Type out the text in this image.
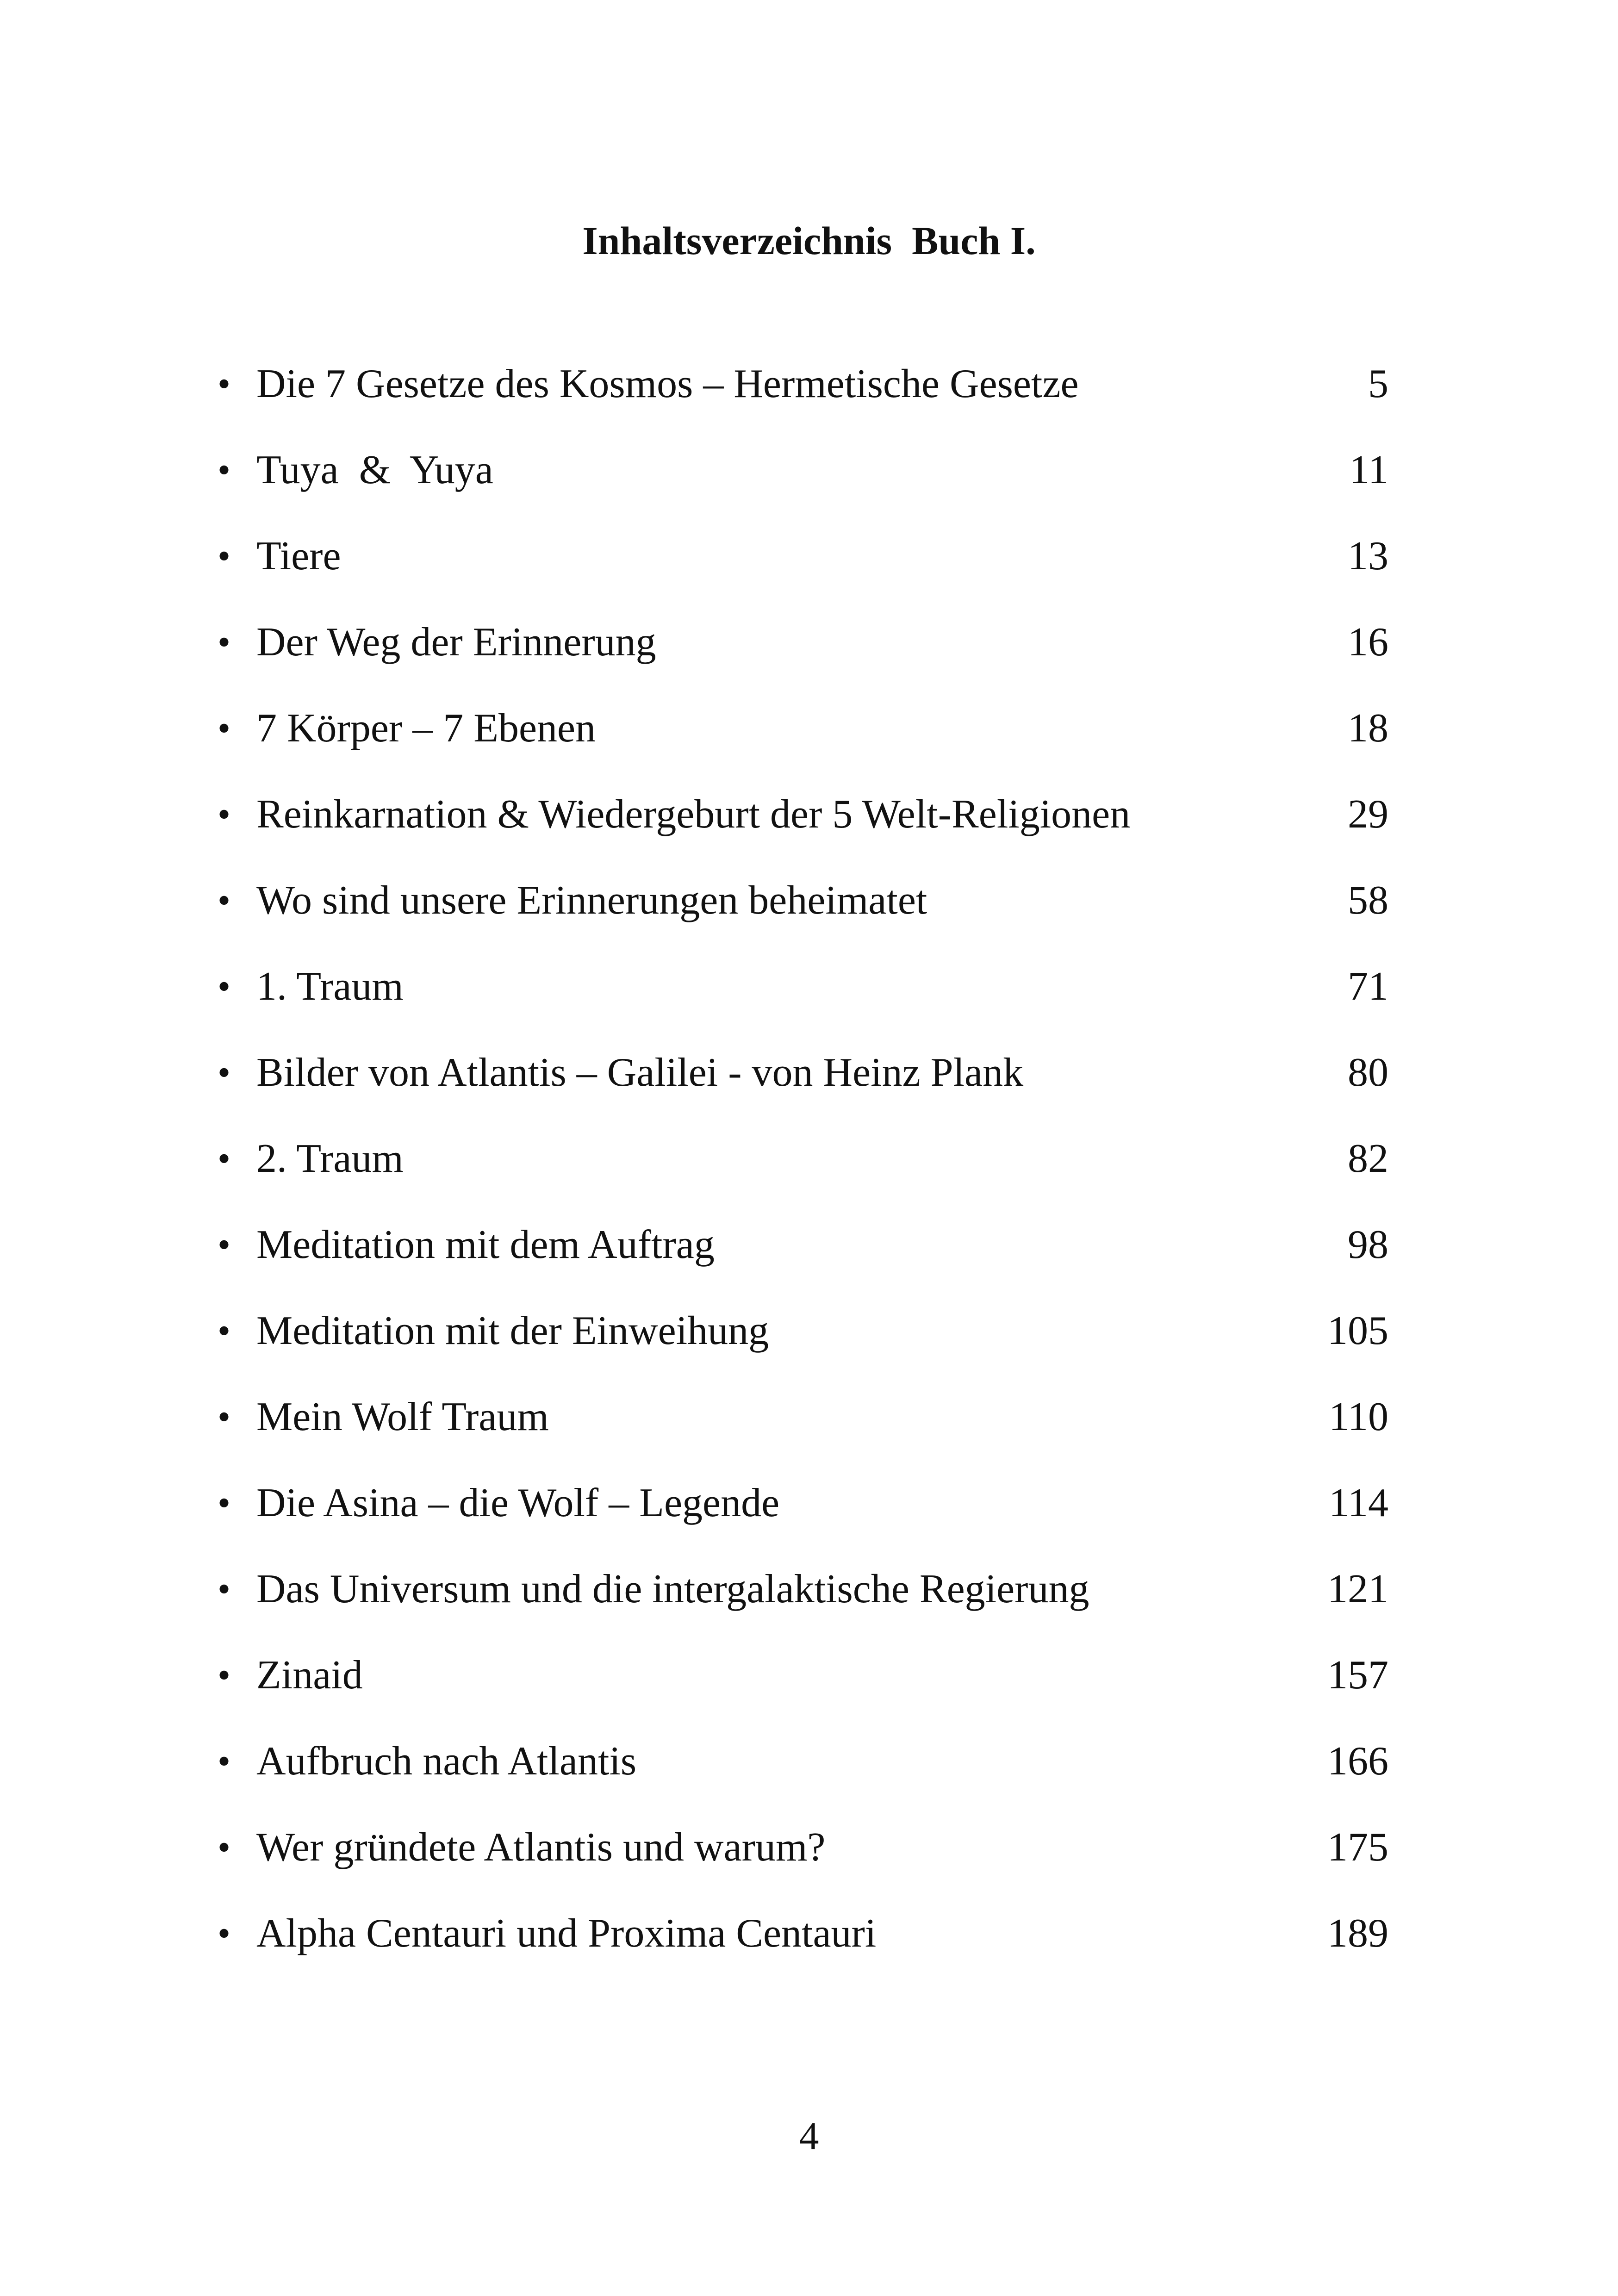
Inhaltsverzeichnis  Buch I.

•

Die 7 Gesetze des Kosmos – Hermetische Gesetze

	5

•

Tuya  &  Yuya

	11

•

Tiere

	13

•

Der Weg der Erinnerung

	16

•

7 Körper – 7 Ebenen

	18

•

Reinkarnation & Wiedergeburt der 5 Welt-Religionen

	29

•

Wo sind unsere Erinnerungen beheimatet

	58

•

1. Traum

	71

•

Bilder von Atlantis – Galilei - von Heinz Plank

	80

•

2. Traum

	82

•

Meditation mit dem Auftrag

	98

•

Meditation mit der Einweihung

	105

•

Mein Wolf Traum

	110

•

Die Asina – die Wolf – Legende

	114

•

Das Universum und die intergalaktische Regierung

	121

•

Zinaid

	157

•

Aufbruch nach Atlantis

	166

•

Wer gründete Atlantis und warum?

	175

•

Alpha Centauri und Proxima Centauri

	189

4
